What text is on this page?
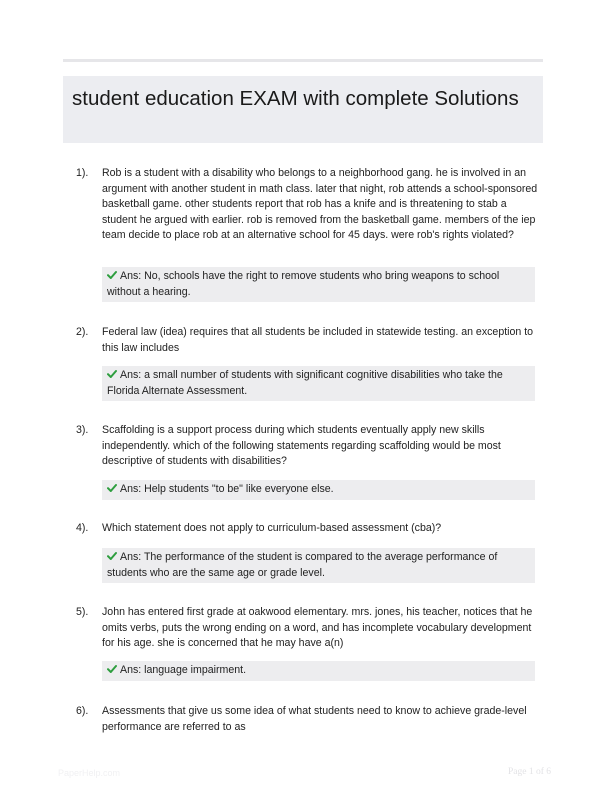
student education EXAM with complete Solutions
1). Rob is a student with a disability who belongs to a neighborhood gang. he is involved in an argument with another student in math class. later that night, rob attends a school-sponsored basketball game. other students report that rob has a knife and is threatening to stab a student he argued with earlier. rob is removed from the basketball game. members of the iep team decide to place rob at an alternative school for 45 days. were rob's rights violated?
Ans: No, schools have the right to remove students who bring weapons to school without a hearing.
2). Federal law (idea) requires that all students be included in statewide testing. an exception to this law includes
Ans: a small number of students with significant cognitive disabilities who take the Florida Alternate Assessment.
3). Scaffolding is a support process during which students eventually apply new skills independently. which of the following statements regarding scaffolding would be most descriptive of students with disabilities?
Ans: Help students "to be" like everyone else.
4). Which statement does not apply to curriculum-based assessment (cba)?
Ans: The performance of the student is compared to the average performance of students who are the same age or grade level.
5). John has entered first grade at oakwood elementary. mrs. jones, his teacher, notices that he omits verbs, puts the wrong ending on a word, and has incomplete vocabulary development for his age. she is concerned that he may have a(n)
Ans: language impairment.
6). Assessments that give us some idea of what students need to know to achieve grade-level performance are referred to as
PaperHelp.com	Page 1 of 6
